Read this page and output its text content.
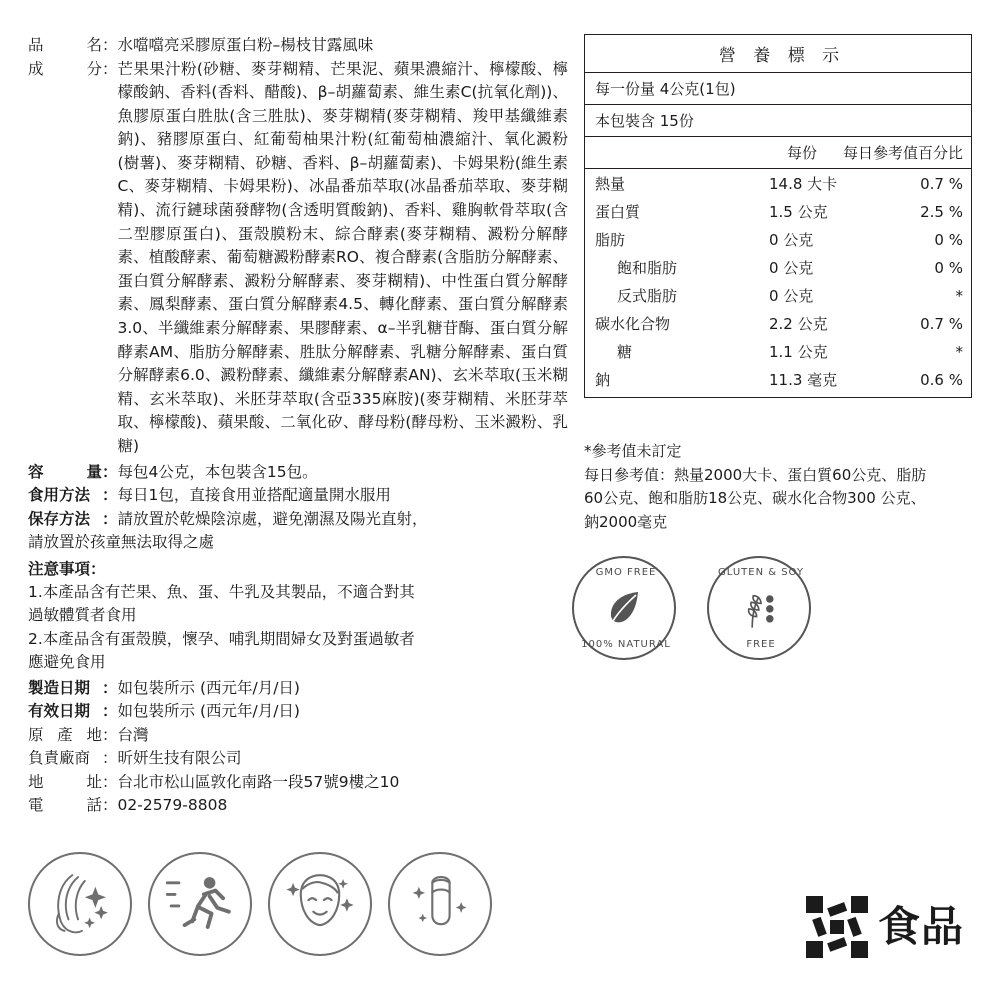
品	名 ： 水噹噹亮采膠原蛋白粉–楊枝甘露風味
成	分 ： 芒果果汁粉(砂糖、麥芽糊精、芒果泥、蘋果濃縮汁、檸檬酸、檸檬酸鈉、香料(香料、醋酸)、β–胡蘿蔔素、維生素C(抗氧化劑))、魚膠原蛋白胜肽(含三胜肽)、麥芽糊精(麥芽糊精、羧甲基纖維素鈉)、豬膠原蛋白、紅葡萄柚果汁粉(紅葡萄柚濃縮汁、氧化澱粉(樹薯)、麥芽糊精、砂糖、香料、β–胡蘿蔔素)、卡姆果粉(維生素C、麥芽糊精、卡姆果粉)、冰晶番茄萃取(冰晶番茄萃取、麥芽糊精)、流行鏈球菌發酵物(含透明質酸鈉)、香料、雞胸軟骨萃取(含二型膠原蛋白)、蛋殼膜粉末、綜合酵素(麥芽糊精、澱粉分解酵素、植酸酵素、葡萄糖澱粉酵素RO、複合酵素(含脂肪分解酵素、蛋白質分解酵素、澱粉分解酵素、麥芽糊精)、中性蛋白質分解酵素、鳳梨酵素、蛋白質分解酵素4.5、轉化酵素、蛋白質分解酵素3.0、半纖維素分解酵素、果膠酵素、α–半乳糖苷酶、蛋白質分解酵素AM、脂肪分解酵素、胜肽分解酵素、乳糖分解酵素、蛋白質分解酵素6.0、澱粉酵素、纖維素分解酵素AN)、玄米萃取(玉米糊精、玄米萃取)、米胚芽萃取(含亞335麻胺)(麥芽糊精、米胚芽萃取、檸檬酸)、蘋果酸、二氧化矽、酵母粉(酵母粉、玉米澱粉、乳糖)
容	量 ： 每包4公克，本包裝含15包。
食用方法 ： 每日1包，直接食用並搭配適量開水服用
保存方法 ： 請放置於乾燥陰涼處，避免潮濕及陽光直射，
請放置於孩童無法取得之處
注意事項：
1.本產品含有芒果、魚、蛋、牛乳及其製品，不適合對其
過敏體質者食用
2.本產品含有蛋殼膜，懷孕、哺乳期間婦女及對蛋過敏者
應避免食用
製造日期 ： 如包裝所示 (西元年/月/日)
有效日期 ： 如包裝所示 (西元年/月/日)
原 產 地 ： 台灣
負責廠商 ： 昕妍生技有限公司
地	址 ： 台北市松山區敦化南路一段57號9樓之10
電	話 ： 02-2579-8808
營 養 標 示
每一份量 4公克(1包)
本包裝含 15份
每份	每日參考值百分比
熱量	14.8 大卡	0.7 %
蛋白質	1.5 公克	2.5 %
脂肪	0 公克	0 %
飽和脂肪	0 公克	0 %
反式脂肪	0 公克	*
碳水化合物	2.2 公克	0.7 %
糖	1.1 公克	*
鈉	11.3 毫克	0.6 %
*參考值未訂定
每日參考值：熱量2000大卡、蛋白質60公克、脂肪
60公克、飽和脂肪18公克、碳水化合物300 公克、
鈉2000毫克
GMO FREE
100% NATURAL
GLUTEN & SOY
FREE
食品
